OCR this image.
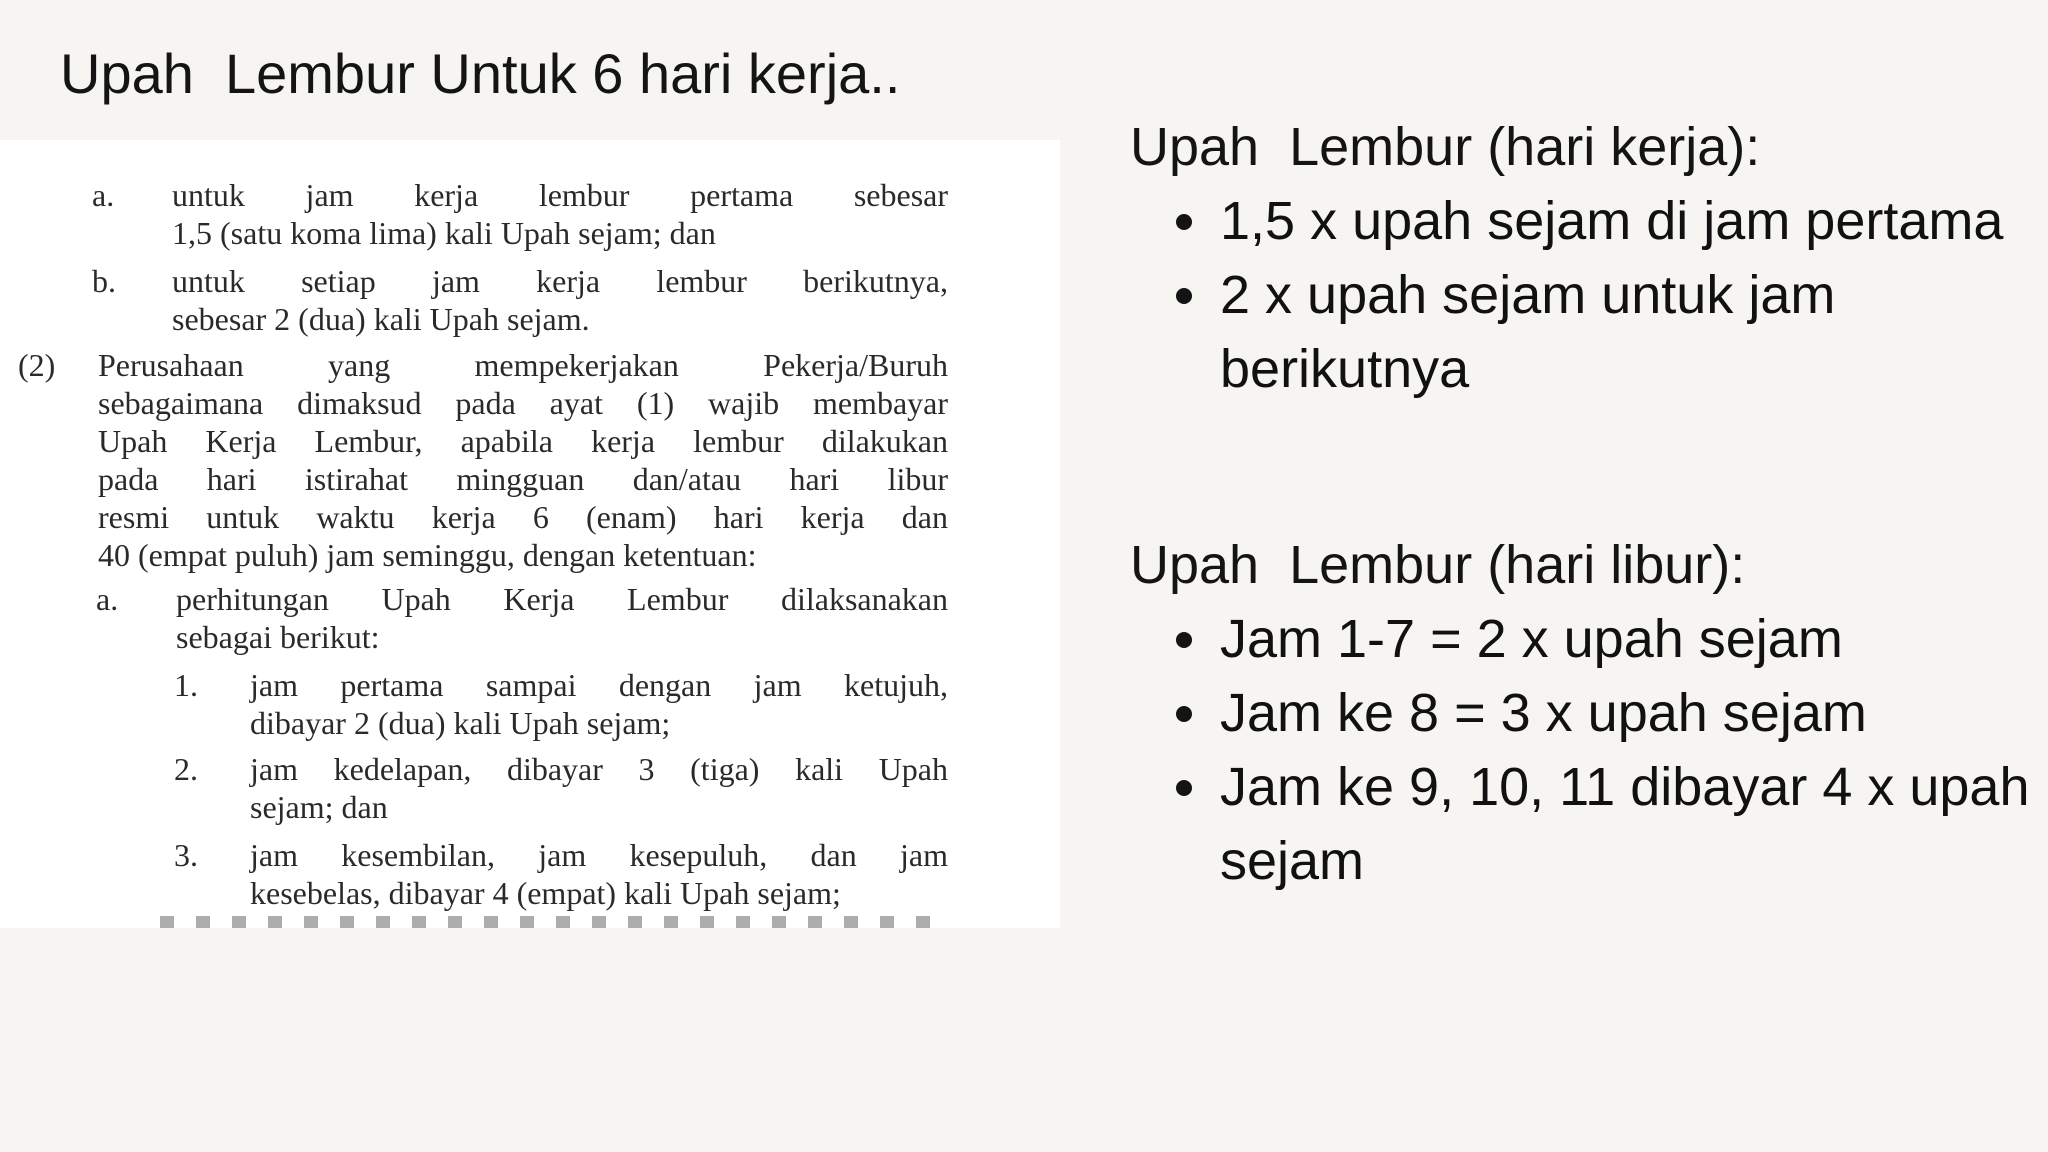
Upah  Lembur Untuk 6 hari kerja..
a. untuk jam kerja lembur pertama sebesar
1,5 (satu koma lima) kali Upah sejam; dan
b. untuk setiap jam kerja lembur berikutnya,
sebesar 2 (dua) kali Upah sejam.
(2) Perusahaan yang mempekerjakan Pekerja/Buruh
sebagaimana dimaksud pada ayat (1) wajib membayar
Upah Kerja Lembur, apabila kerja lembur dilakukan
pada hari istirahat mingguan dan/atau hari libur
resmi untuk waktu kerja 6 (enam) hari kerja dan
40 (empat puluh) jam seminggu, dengan ketentuan:
a. perhitungan Upah Kerja Lembur dilaksanakan
sebagai berikut:
1. jam pertama sampai dengan jam ketujuh,
dibayar 2 (dua) kali Upah sejam;
2. jam kedelapan, dibayar 3 (tiga) kali Upah
sejam; dan
3. jam kesembilan, jam kesepuluh, dan jam
kesebelas, dibayar 4 (empat) kali Upah sejam;
Upah  Lembur (hari kerja):
1,5 x upah sejam di jam pertama
2 x upah sejam untuk jam berikutnya
Upah  Lembur (hari libur):
Jam 1-7 = 2 x upah sejam
Jam ke 8 = 3 x upah sejam
Jam ke 9, 10, 11 dibayar 4 x upah sejam
